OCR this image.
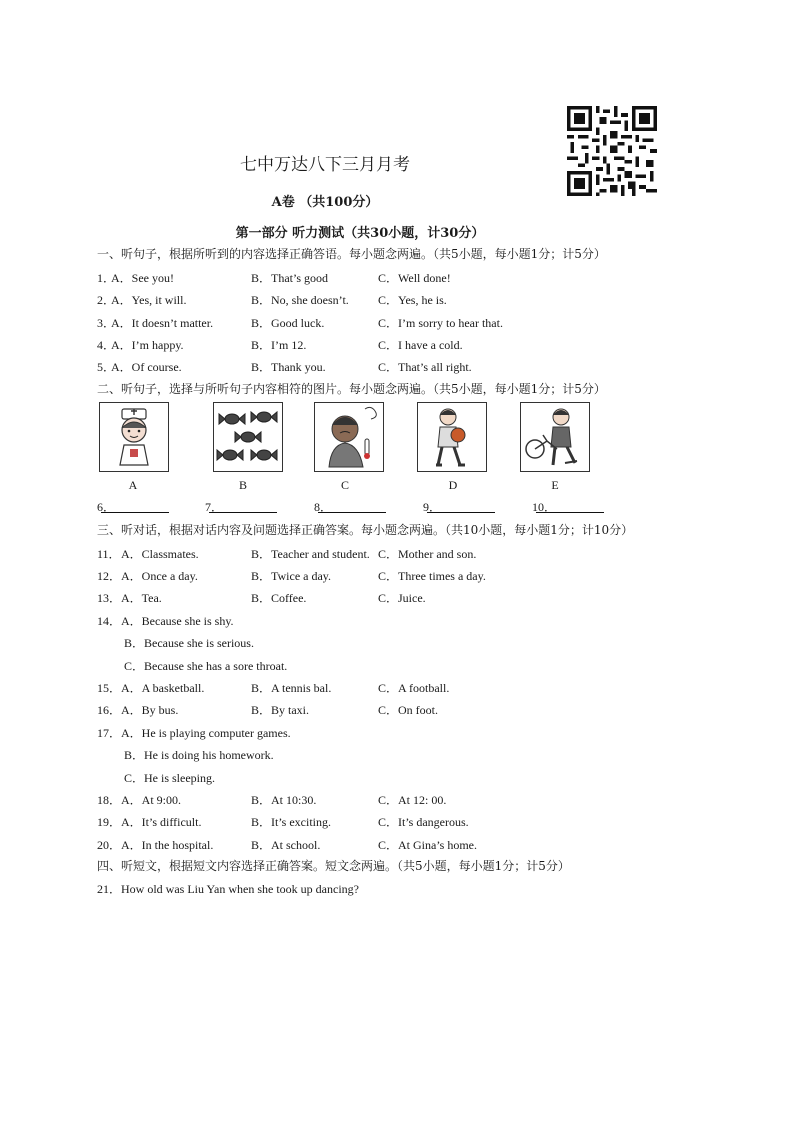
七中万达八下三月月考
A卷 （共100分）
第一部分 听力测试（共30小题，计30分）
一、听句子，根据所听到的内容选择正确答语。每小题念两遍。（共5小题，每小题1分；计5分）
1．
A．See you!	B．That’s good	C．Well done!
2．
A．Yes, it will.	B．No, she doesn’t. C．Yes, he is.
3．
A．It doesn’t matter.	B．Good luck.	C．I’m sorry to hear that.
4．
A．I’m happy.	B．I’m 12.	C．I have a cold.
5．
A．Of course.	B．Thank you.	C．That’s all right.
二、听句子，选择与所听句子内容相符的图片。每小题念两遍。（共5小题，每小题1分；计5分）
A	B	C	D	E
6．	7．	8．	9．	10．
三、听对话，根据对话内容及问题选择正确答案。每小题念两遍。（共10小题，每小题1分；计10分）
11． A．Classmates.	B．Teacher and student. C．Mother and son.
12． A．Once a day.	B．Twice a day.	C．Three times a day.
13． A．Tea.	B．Coffee.	C．Juice.
14． A．Because she is shy.
B．Because she is serious.
C．Because she has a sore throat.
15． A．A basketball.	B．A tennis bal.	C．A football.
16． A．By bus.	B．By taxi.	C．On foot.
17． A．He is playing computer games.
B．He is doing his homework.
C．He is sleeping.
18． A．At 9:00.	B．At 10:30.	C．At 12: 00.
19． A．It’s difficult.	B．It’s exciting.	C．It’s dangerous.
20． A．In the hospital.	B．At school.	C．At Gina’s home.
四、听短文，根据短文内容选择正确答案。短文念两遍。（共5小题，每小题1分；计5分）
21．How old was Liu Yan when she took up dancing?
